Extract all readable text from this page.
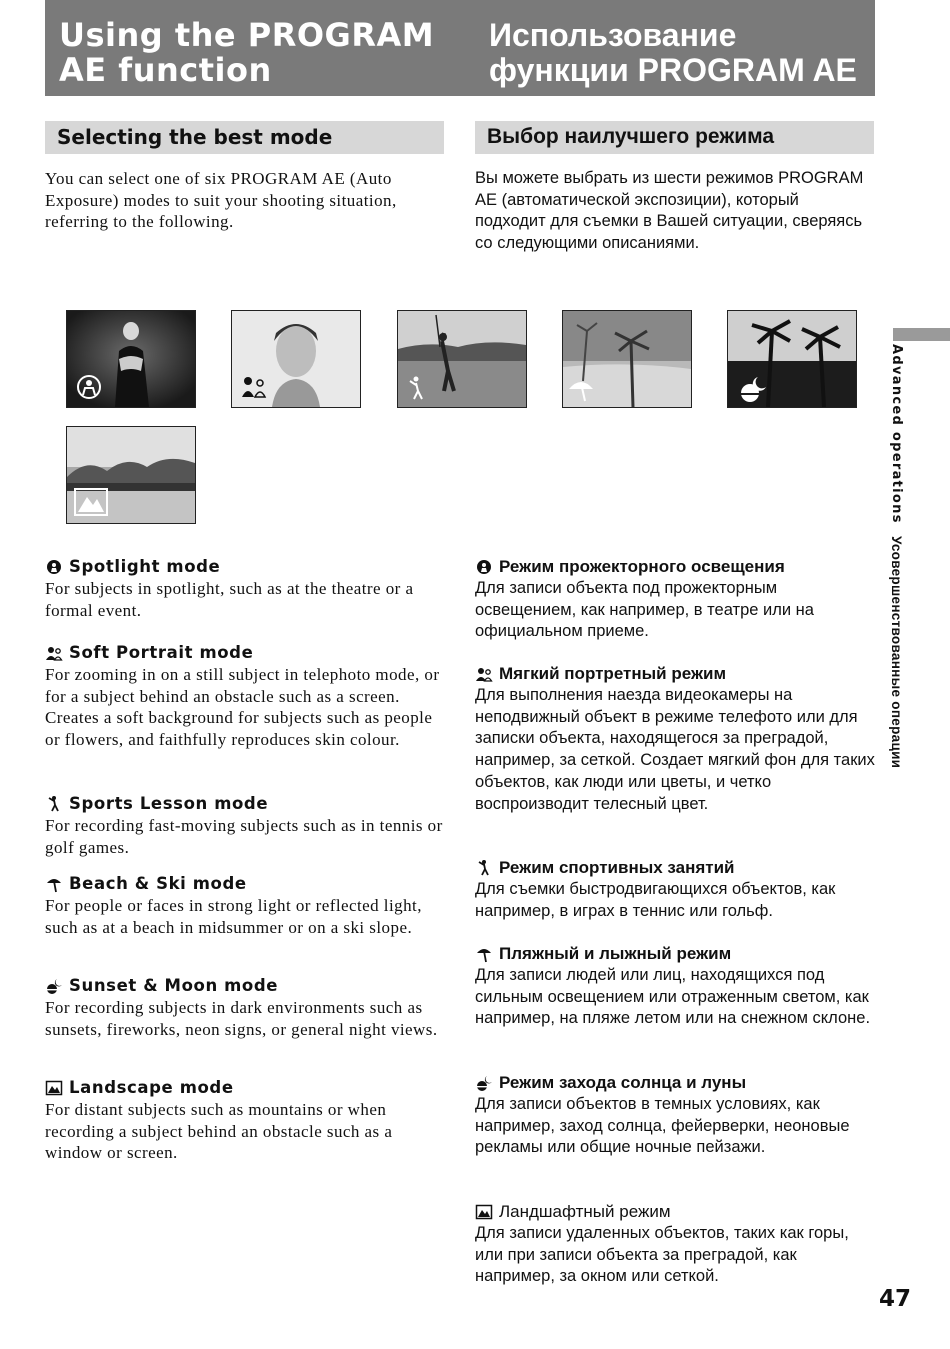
Using the PROGRAM AE function
Использование функции PROGRAM AE
Selecting the best mode	Выбор наилучшего режима

You can select one of six PROGRAM AE (Auto Exposure) modes to suit your shooting situation, referring to the following.

Вы можете выбрать из шести режимов PROGRAM AE (автоматической экспозиции), который подходит для съемки в Вашей ситуации, сверяясь со следующими описаниями.

Spotlight mode

For subjects in spotlight, such as at the theatre or a formal event.

Soft Portrait mode

For zooming in on a still subject in telephoto mode, or for a subject behind an obstacle such as a screen. Creates a soft background for subjects such as people or flowers, and faithfully reproduces skin colour.

Sports Lesson mode

For recording fast-moving subjects such as in tennis or golf games.

Beach & Ski mode

For people or faces in strong light or reflected light, such as at a beach in midsummer or on a ski slope.

Sunset & Moon mode

For recording subjects in dark environments such as sunsets, fireworks, neon signs, or general night views.

Landscape mode

For distant subjects such as mountains or when recording a subject behind an obstacle such as a window or screen.

Режим прожекторного освещения

Для записи объекта под прожекторным освещением, как например, в театре или на официальном приеме.

Мягкий портретный режим

Для выполнения наезда видеокамеры на неподвижный объект в режиме телефото или для записки объекта, находящегося за преградой, например, за сеткой. Создает мягкий фон для таких объектов, как люди или цветы, и четко воспроизводит телесный цвет.

Режим спортивных занятий

Для съемки быстродвигающихся объектов, как например, в играх в теннис или гольф.

Пляжный и лыжный режим

Для записи людей или лиц, находящихся под сильным освещением или отраженным светом, как например, на пляже летом или на снежном склоне.

Режим захода солнца и луны

Для записи объектов в темных условиях, как например, заход солнца, фейерверки, неоновые рекламы или общие ночные пейзажи.

Ландшафтный режим

Для записи удаленных объектов, таких как горы, или при записи объекта за преградой, как например, за окном или сеткой.

Advanced operations

Усовершенствованные операции

47
